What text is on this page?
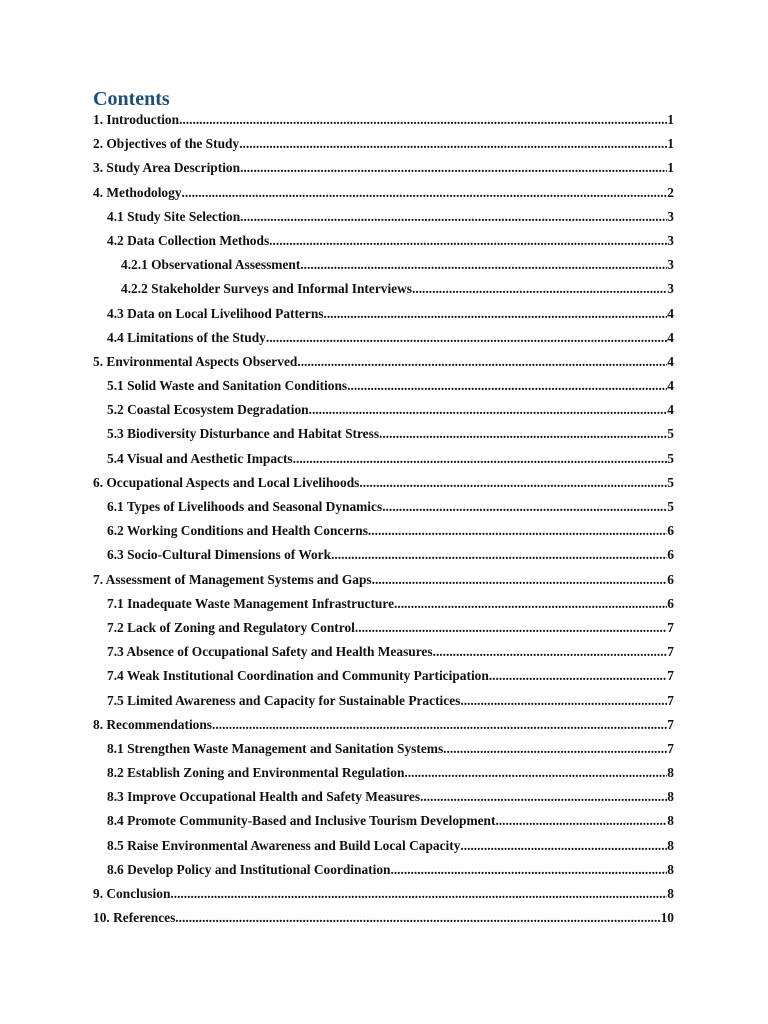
Contents
1. Introduction .....	1
2. Objectives of the Study .....	1
3. Study Area Description .....	1
4. Methodology .....	2
4.1 Study Site Selection .....	3
4.2 Data Collection Methods .....	3
4.2.1 Observational Assessment .....	3
4.2.2 Stakeholder Surveys and Informal Interviews .....	3
4.3 Data on Local Livelihood Patterns .....	4
4.4 Limitations of the Study .....	4
5. Environmental Aspects Observed .....	4
5.1 Solid Waste and Sanitation Conditions .....	4
5.2 Coastal Ecosystem Degradation .....	4
5.3 Biodiversity Disturbance and Habitat Stress .....	5
5.4 Visual and Aesthetic Impacts .....	5
6. Occupational Aspects and Local Livelihoods .....	5
6.1 Types of Livelihoods and Seasonal Dynamics .....	5
6.2 Working Conditions and Health Concerns .....	6
6.3 Socio-Cultural Dimensions of Work .....	6
7. Assessment of Management Systems and Gaps .....	6
7.1 Inadequate Waste Management Infrastructure .....	6
7.2 Lack of Zoning and Regulatory Control .....	7
7.3 Absence of Occupational Safety and Health Measures .....	7
7.4 Weak Institutional Coordination and Community Participation .....	7
7.5 Limited Awareness and Capacity for Sustainable Practices .....	7
8. Recommendations .....	7
8.1 Strengthen Waste Management and Sanitation Systems .....	7
8.2 Establish Zoning and Environmental Regulation .....	8
8.3 Improve Occupational Health and Safety Measures .....	8
8.4 Promote Community-Based and Inclusive Tourism Development .....	8
8.5 Raise Environmental Awareness and Build Local Capacity .....	8
8.6 Develop Policy and Institutional Coordination .....	8
9. Conclusion .....	8
10. References .....	10
